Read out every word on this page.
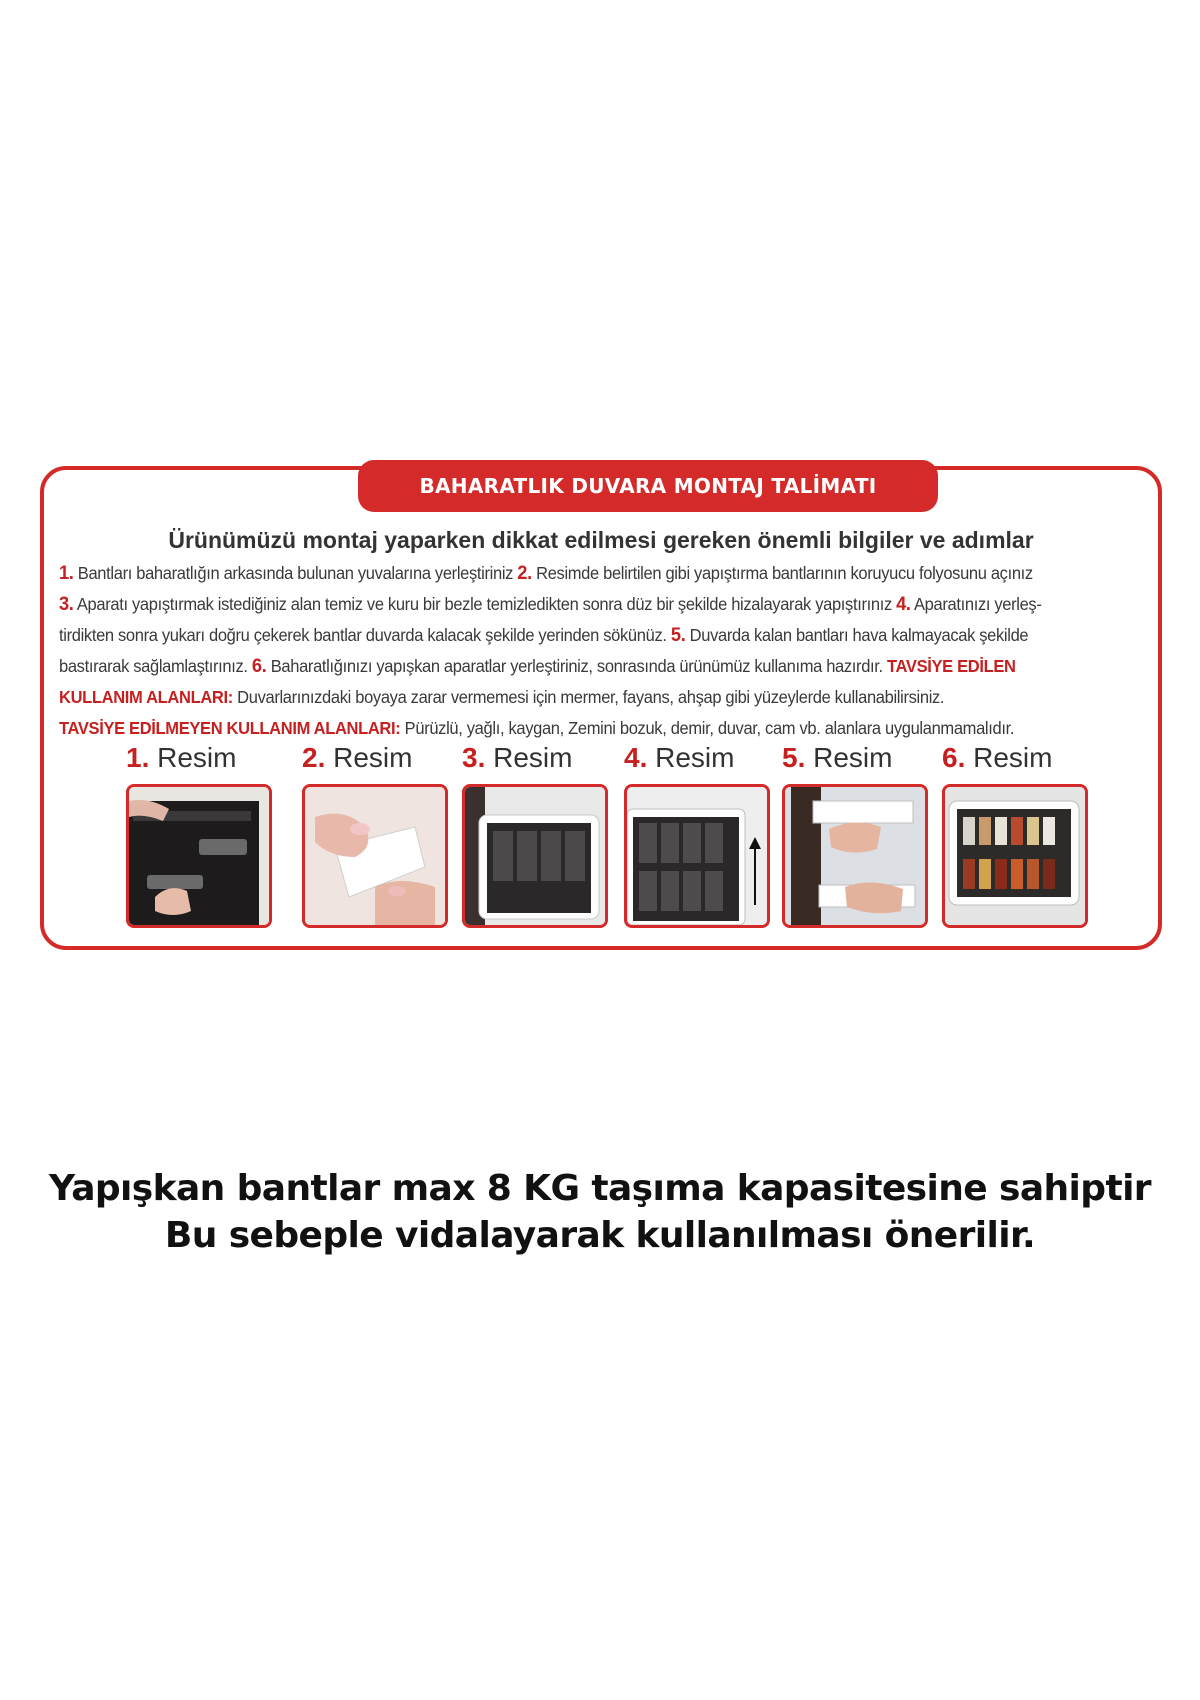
BAHARATLIK DUVARA MONTAJ TALİMATI
Ürünümüzü montaj yaparken dikkat edilmesi gereken önemli bilgiler ve adımlar
1. Bantları baharatlığın arkasında bulunan yuvalarına yerleştiriniz 2. Resimde belirtilen gibi yapıştırma bantlarının koruyucu folyosunu açınız
3. Aparatı yapıştırmak istediğiniz alan temiz ve kuru bir bezle temizledikten sonra düz bir şekilde hizalayarak yapıştırınız 4. Aparatınızı yerleş-
tirdikten sonra yukarı doğru çekerek bantlar duvarda kalacak şekilde yerinden sökünüz. 5. Duvarda kalan bantları hava kalmayacak şekilde
bastırarak sağlamlaştırınız. 6. Baharatlığınızı yapışkan aparatlar yerleştiriniz, sonrasında ürünümüz kullanıma hazırdır. TAVSİYE EDİLEN
KULLANIM ALANLARI: Duvarlarınızdaki boyaya zarar vermemesi için mermer, fayans, ahşap gibi yüzeylerde kullanabilirsiniz.
TAVSİYE EDİLMEYEN KULLANIM ALANLARI: Pürüzlü, yağlı, kaygan, Zemini bozuk, demir, duvar, cam vb. alanlara uygulanmamalıdır.
1. Resim	2. Resim	3. Resim	4. Resim	5. Resim	6. Resim
Yapışkan bantlar max 8 KG taşıma kapasitesine sahiptir
Bu sebeple vidalayarak kullanılması önerilir.
